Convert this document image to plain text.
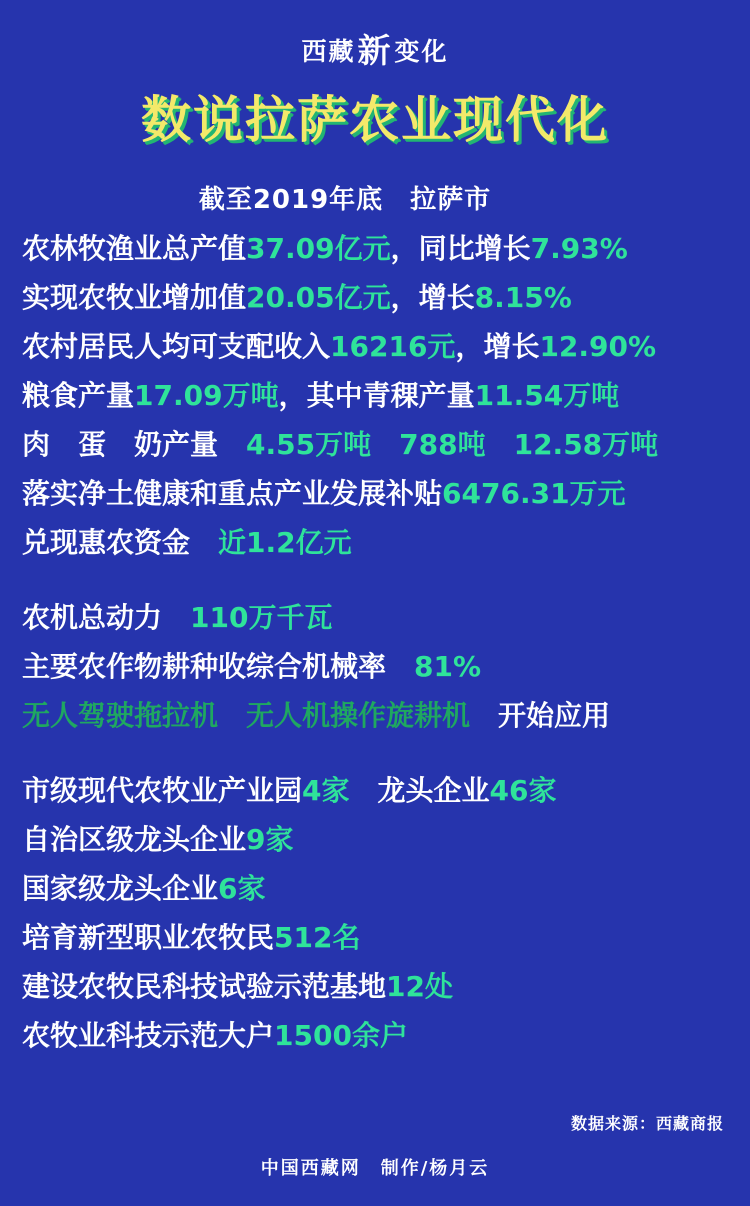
西藏新变化
数说拉萨农业现代化
截至2019年底　拉萨市
农林牧渔业总产值37.09亿元，同比增长7.93%
实现农牧业增加值20.05亿元，增长8.15%
农村居民人均可支配收入16216元，增长12.90%
粮食产量17.09万吨，其中青稞产量11.54万吨
肉　蛋　奶产量　4.55万吨　 788吨　 12.58万吨
落实净土健康和重点产业发展补贴6476.31万元
兑现惠农资金　近1.2亿元
农机总动力　110万千瓦
主要农作物耕种收综合机械率　81%
无人驾驶拖拉机　无人机操作旋耕机　开始应用
市级现代农牧业产业园4家　龙头企业46家
自治区级龙头企业9家
国家级龙头企业6家
培育新型职业农牧民512名
建设农牧民科技试验示范基地12处
农牧业科技示范大户1500余户
数据来源：西藏商报
中国西藏网　制作/杨月云
